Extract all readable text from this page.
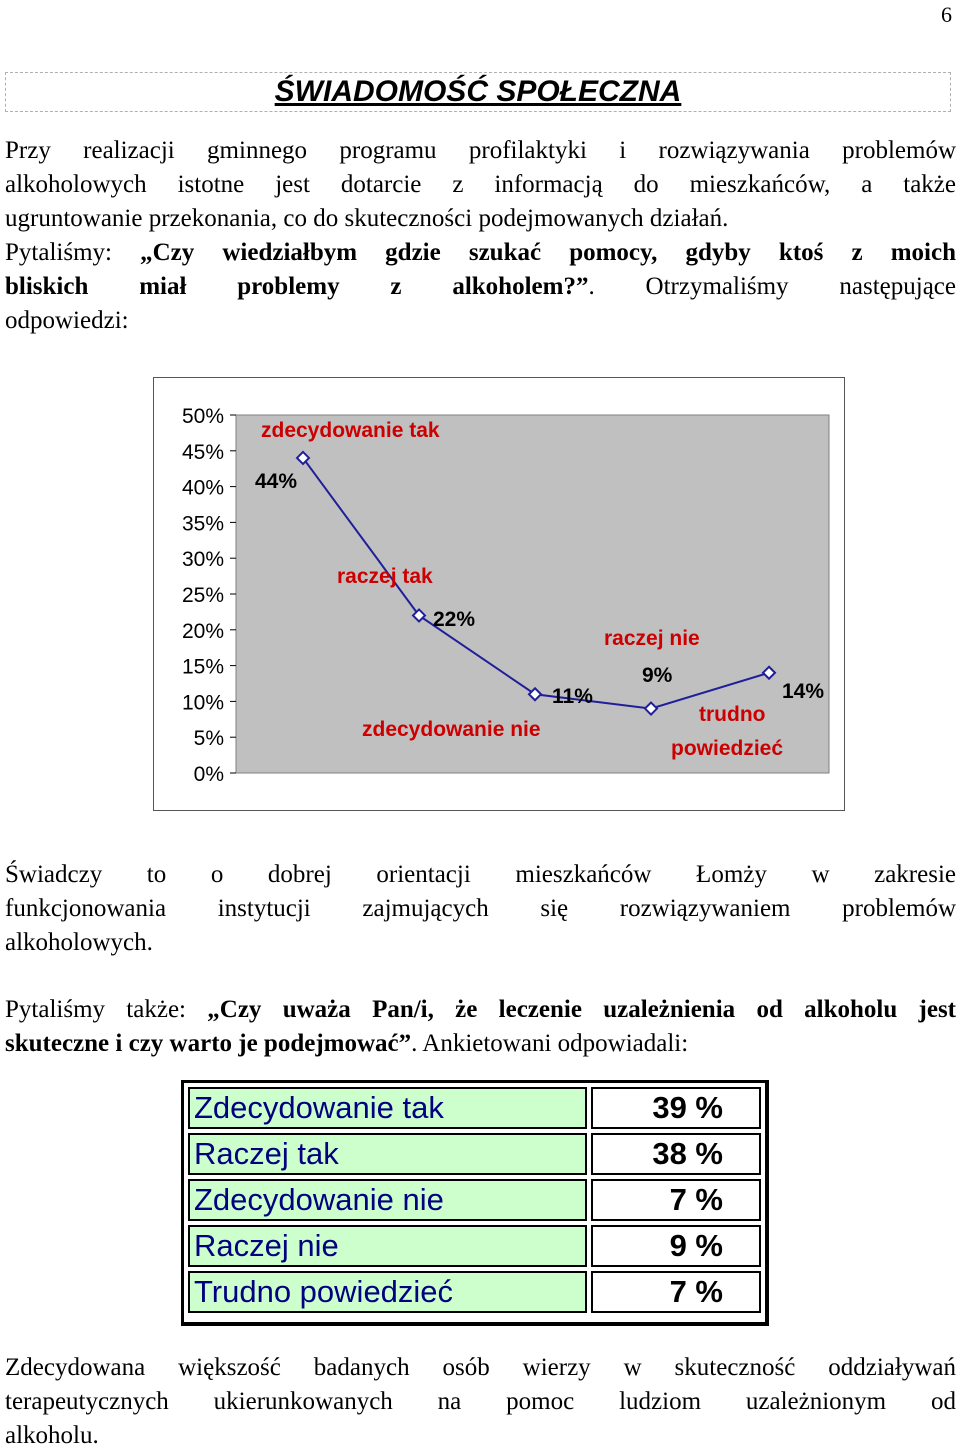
6
ŚWIADOMOŚĆ SPOŁECZNA
Przy realizacji gminnego programu profilaktyki i rozwiązywania problemów
alkoholowych istotne jest dotarcie z informacją do mieszkańców, a także
ugruntowanie przekonania, co do skuteczności podejmowanych działań.
Pytaliśmy: „Czy wiedziałbym gdzie szukać pomocy, gdyby ktoś z moich
bliskich miał problemy z alkoholem?”. Otrzymaliśmy następujące
odpowiedzi:
50%
45%
40%
35%
30%
25%
20%
15%
10%
5%
0%
44%
22%
11%
9%
14%
zdecydowanie tak
raczej tak
zdecydowanie nie
raczej nie
trudno
powiedzieć
Świadczy to o dobrej orientacji mieszkańców Łomży w zakresie
funkcjonowania instytucji zajmujących się rozwiązywaniem problemów
alkoholowych.
Pytaliśmy także: „Czy uważa Pan/i, że leczenie uzależnienia od alkoholu jest
skuteczne i czy warto je podejmować”. Ankietowani odpowiadali:
Zdecydowanie tak	39 %
Raczej tak	38 %
Zdecydowanie nie	7 %
Raczej nie	9 %
Trudno powiedzieć	7 %
Zdecydowana większość badanych osób wierzy w skuteczność oddziaływań
terapeutycznych ukierunkowanych na pomoc ludziom uzależnionym od
alkoholu.
